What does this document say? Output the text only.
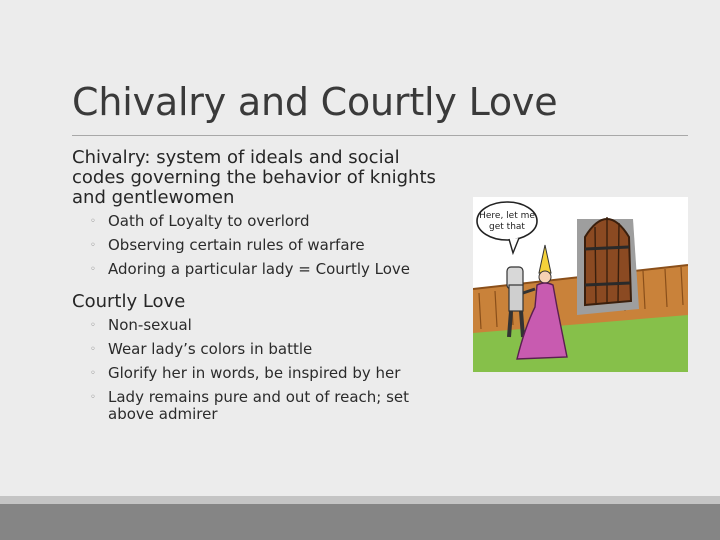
Chivalry and Courtly Love

Chivalry: system of ideals and social codes governing the behavior of knights and gentlewomen

◦ Oath of Loyalty to overlord
◦ Observing certain rules of warfare
◦ Adoring a particular lady = Courtly Love

Courtly Love

◦ Non-sexual
◦ Wear lady’s colors in battle
◦ Glorify her in words, be inspired by her
◦ Lady remains pure and out of reach; set above admirer
Here, let me
get that
